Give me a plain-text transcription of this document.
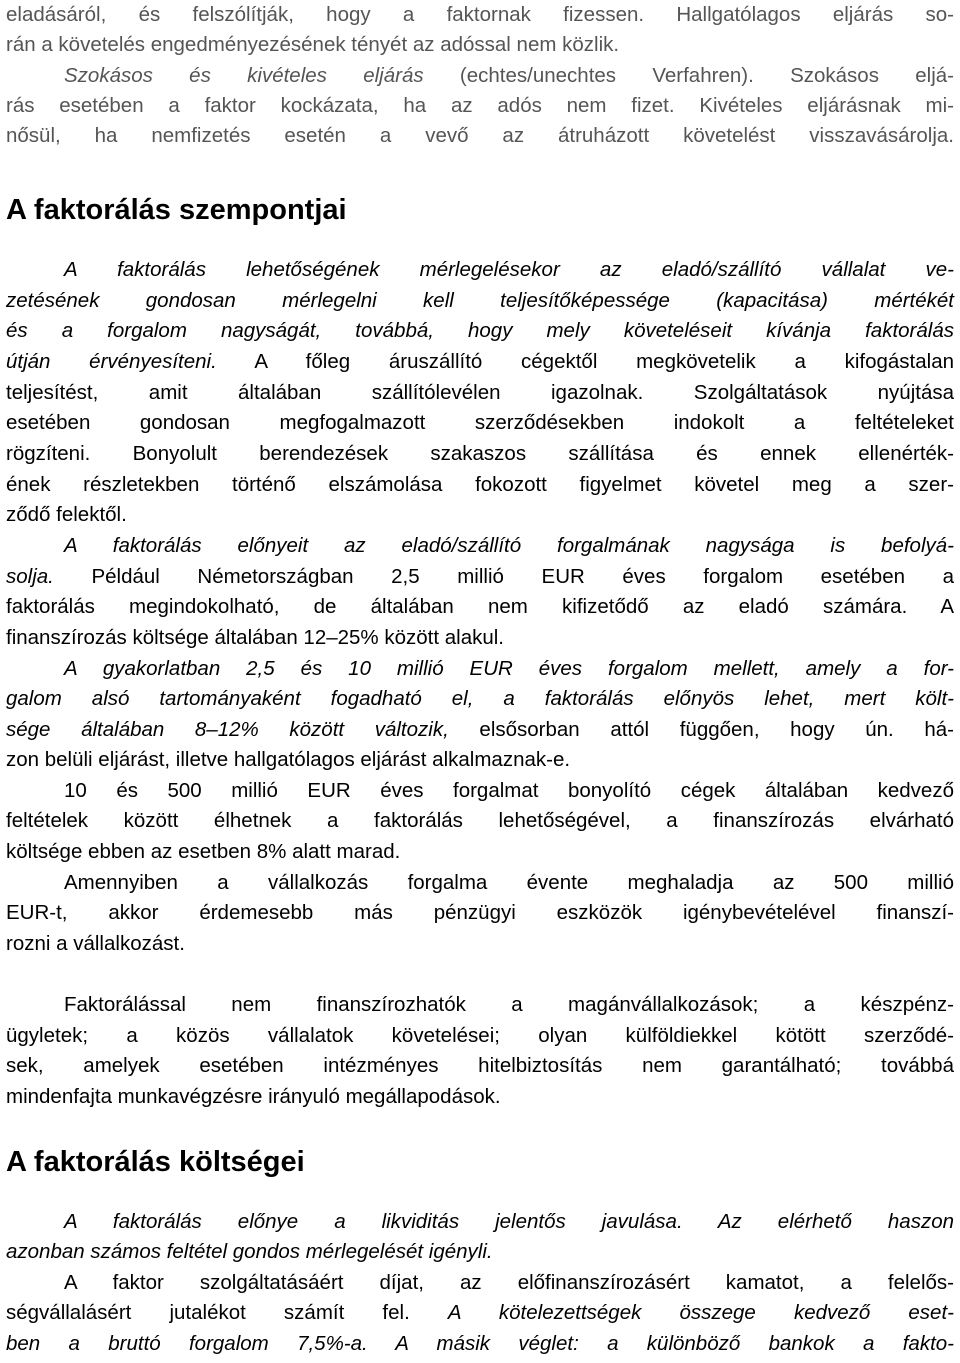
eladásáról, és felszólítják, hogy a faktornak fizessen. Hallgatólagos eljárás so-
rán a követelés engedményezésének tényét az adóssal nem közlik.
Szokásos és kivételes eljárás (echtes/unechtes Verfahren). Szokásos eljá-
rás esetében a faktor kockázata, ha az adós nem fizet. Kivételes eljárásnak mi-
nősül, ha nemfizetés esetén a vevő az átruházott követelést visszavásárolja.
A faktorálás szempontjai
A faktorálás lehetőségének mérlegelésekor az eladó/szállító vállalat ve-
zetésének gondosan mérlegelni kell teljesítőképessége (kapacitása) mértékét
és a forgalom nagyságát, továbbá, hogy mely követeléseit kívánja faktorálás
útján érvényesíteni. A főleg áruszállító cégektől megkövetelik a kifogástalan
teljesítést, amit általában szállítólevélen igazolnak. Szolgáltatások nyújtása
esetében gondosan megfogalmazott szerződésekben indokolt a feltételeket
rögzíteni. Bonyolult berendezések szakaszos szállítása és ennek ellenérték-
ének részletekben történő elszámolása fokozott figyelmet követel meg a szer-
ződő felektől.
A faktorálás előnyeit az eladó/szállító forgalmának nagysága is befolyá-
solja. Például Németországban 2,5 millió EUR éves forgalom esetében a
faktorálás megindokolható, de általában nem kifizetődő az eladó számára. A
finanszírozás költsége általában 12–25% között alakul.
A gyakorlatban 2,5 és 10 millió EUR éves forgalom mellett, amely a for-
galom alsó tartományaként fogadható el, a faktorálás előnyös lehet, mert költ-
sége általában 8–12% között változik, elsősorban attól függően, hogy ún. há-
zon belüli eljárást, illetve hallgatólagos eljárást alkalmaznak-e.
10 és 500 millió EUR éves forgalmat bonyolító cégek általában kedvező
feltételek között élhetnek a faktorálás lehetőségével, a finanszírozás elvárható
költsége ebben az esetben 8% alatt marad.
Amennyiben a vállalkozás forgalma évente meghaladja az 500 millió
EUR-t, akkor érdemesebb más pénzügyi eszközök igénybevételével finanszí-
rozni a vállalkozást.
Faktorálással nem finanszírozhatók a magánvállalkozások; a készpénz-
ügyletek; a közös vállalatok követelései; olyan külföldiekkel kötött szerződé-
sek, amelyek esetében intézményes hitelbiztosítás nem garantálható; továbbá
mindenfajta munkavégzésre irányuló megállapodások.
A faktorálás költségei
A faktorálás előnye a likviditás jelentős javulása. Az elérhető haszon
azonban számos feltétel gondos mérlegelését igényli.
A faktor szolgáltatásáért díjat, az előfinanszírozásért kamatot, a felelős-
ségvállalásért jutalékot számít fel. A kötelezettségek összege kedvező eset-
ben a bruttó forgalom 7,5%-a. A másik véglet: a különböző bankok a fakto-
